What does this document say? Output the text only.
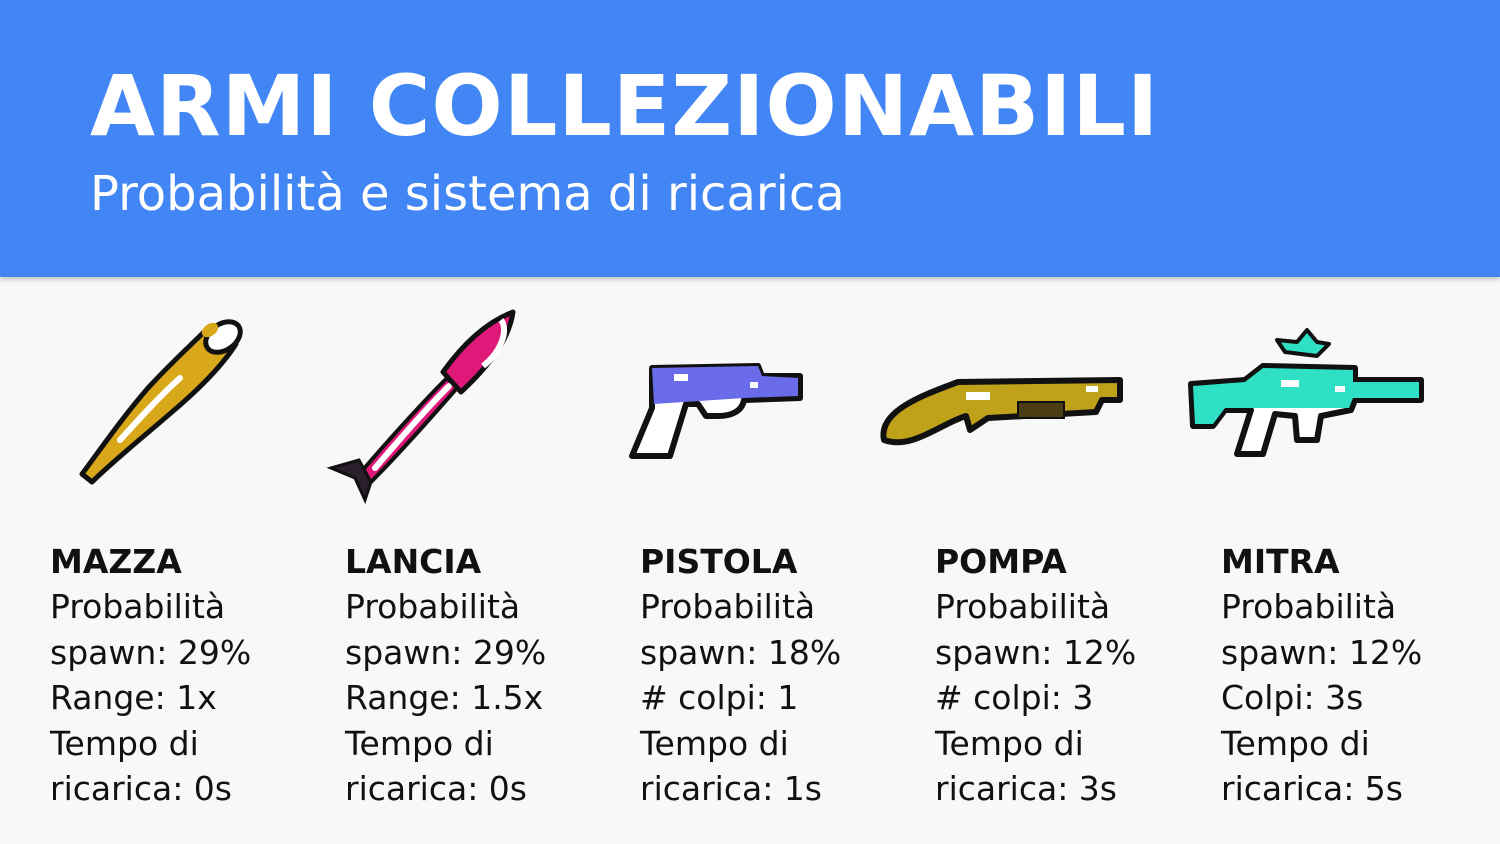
ARMI COLLEZIONABILI
Probabilità e sistema di ricarica
MAZZA
Probabilità
spawn: 29%
Range: 1x
Tempo di
ricarica: 0s
LANCIA
Probabilità
spawn: 29%
Range: 1.5x
Tempo di
ricarica: 0s
PISTOLA
Probabilità
spawn: 18%
# colpi: 1
Tempo di
ricarica: 1s
POMPA
Probabilità
spawn: 12%
# colpi: 3
Tempo di
ricarica: 3s
MITRA
Probabilità
spawn: 12%
Colpi: 3s
Tempo di
ricarica: 5s
